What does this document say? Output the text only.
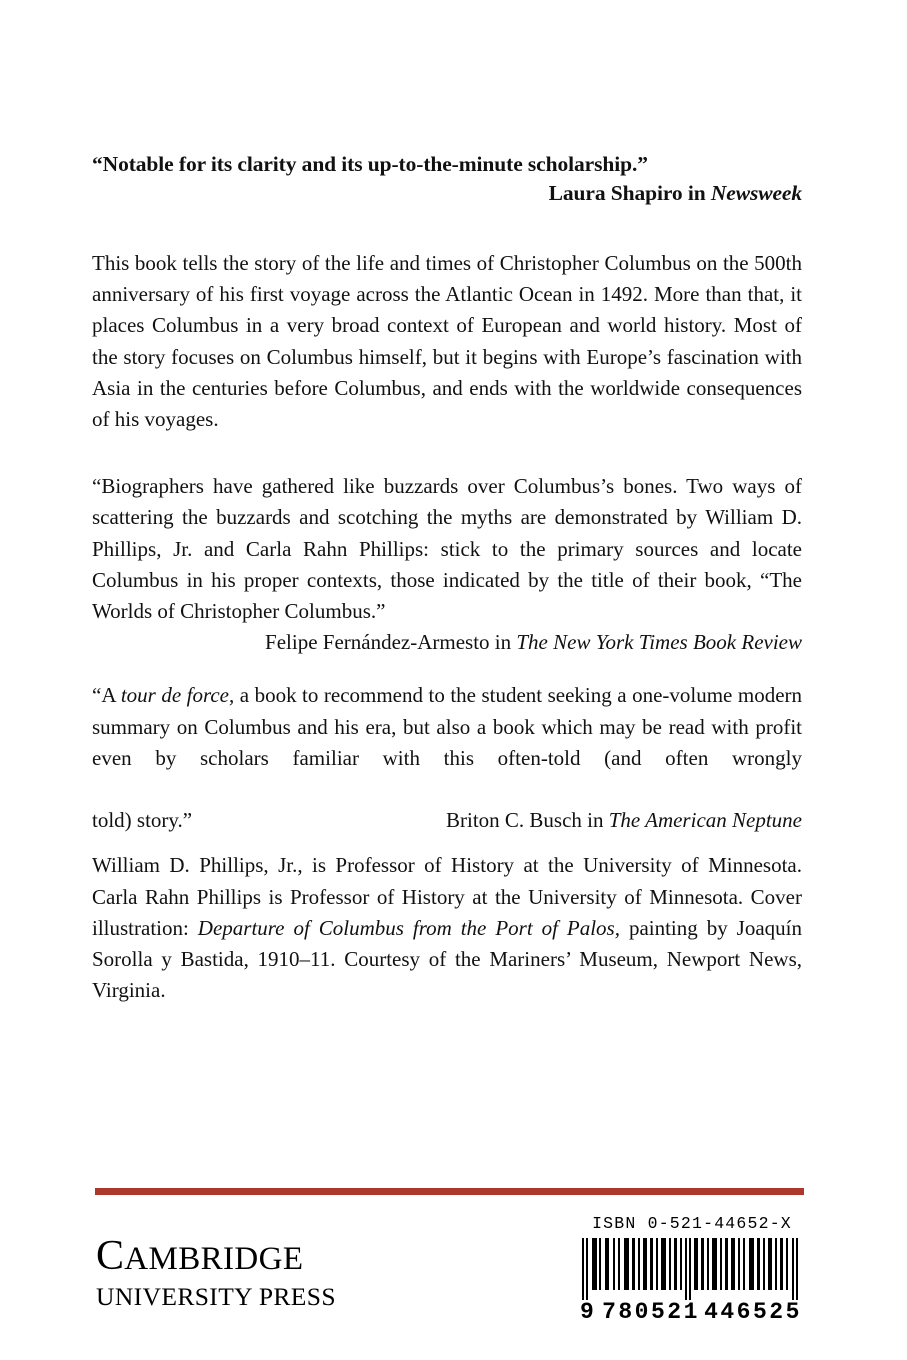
“Notable for its clarity and its up-to-the-minute scholarship.”
Laura Shapiro in Newsweek

This book tells the story of the life and times of Christopher Columbus on the 500th anniversary of his first voyage across the Atlantic Ocean in 1492. More than that, it places Columbus in a very broad context of European and world history. Most of the story focuses on Columbus himself, but it begins with Europe’s fascination with Asia in the centuries before Columbus, and ends with the worldwide consequences of his voyages.

“Biographers have gathered like buzzards over Columbus’s bones. Two ways of scattering the buzzards and scotching the myths are demonstrated by William D. Phillips, Jr. and Carla Rahn Phillips: stick to the primary sources and locate Columbus in his proper contexts, those indicated by the title of their book, “The Worlds of Christopher Columbus.”

Felipe Fernández-Armesto in The New York Times Book Review

“A tour de force, a book to recommend to the student seeking a one-volume modern summary on Columbus and his era, but also a book which may be read with profit even by scholars familiar with this often-told (and often wrongly

told) story.”	Briton C. Busch in The American Neptune

William D. Phillips, Jr., is Professor of History at the University of Minnesota. Carla Rahn Phillips is Professor of History at the University of Minnesota. Cover illustration: Departure of Columbus from the Port of Palos, painting by Joaquín Sorolla y Bastida, 1910–11. Courtesy of the Mariners’ Museum, Newport News, Virginia.

CAMBRIDGE
UNIVERSITY PRESS
ISBN 0-521-44652-X
9 780521 446525
